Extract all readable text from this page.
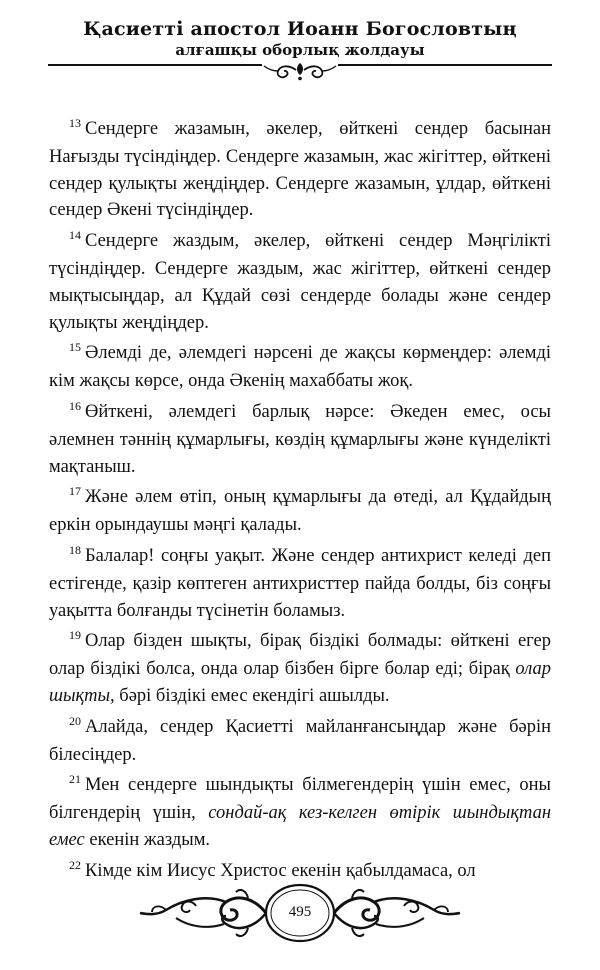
Қасиетті апостол Иоанн Богословтың
алғашқы оборлық жолдауы

$^{13}$ Сендерге жазамын, әкелер, өйткені сендер басынан Нағызды түсіндіңдер. Сендерге жазамын, жас жігіттер, өйткені сендер қулықты жеңдіңдер. Сендерге жазамын, ұлдар, өйткені сендер Әкені түсіндіңдер.

$^{14}$ Сендерге жаздым, әкелер, өйткені сендер Мәңгілікті түсіндіңдер. Сендерге жаздым, жас жігіттер, өйткені сендер мықтысыңдар, ал Құдай сөзі сендерде болады және сендер қулықты жеңдіңдер.

$^{15}$ Әлемді де, әлемдегі нәрсені де жақсы көрмеңдер: әлемді кім жақсы көрсе, онда Әкенің махаббаты жоқ.

$^{16}$ Өйткені, әлемдегі барлық нәрсе: Әкеден емес, осы әлемнен тәннің құмарлығы, көздің құмарлығы және күнделікті мақтаныш.

$^{17}$ Және әлем өтіп, оның құмарлығы да өтеді, ал Құдайдың еркін орындаушы мәңгі қалады.

$^{18}$ Балалар! соңғы уақыт. Және сендер антихрист келеді деп естігенде, қазір көптеген антихристтер пайда болды, біз соңғы уақытта болғанды түсінетін боламыз.

$^{19}$ Олар бізден шықты, бірақ біздікі болмады: өйткені егер олар біздікі болса, онда олар бізбен бірге болар еді; бірақ олар шықты, бәрі біздікі емес екендігі ашылды.

$^{20}$ Алайда, сендер Қасиетті майланғансыңдар және бәрін білесіңдер.

$^{21}$ Мен сендерге шындықты білмегендерің үшін емес, оны білгендерің үшін, сондай-ақ кез-келген өтірік шындықтан емес екенін жаздым.

$^{22}$ Кімде кім Иисус Христос екенін қабылдамаса, ол

495
